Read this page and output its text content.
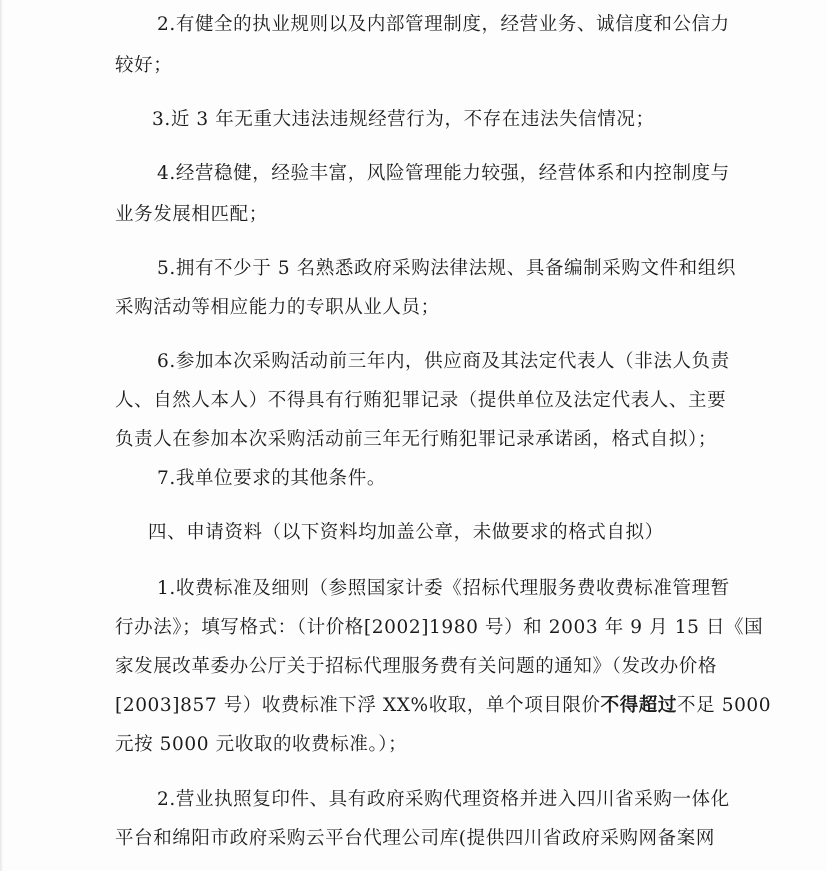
2.有健全的执业规则以及内部管理制度，经营业务、诚信度和公信力
较好；
3.近 3 年无重大违法违规经营行为，不存在违法失信情况；
4.经营稳健，经验丰富，风险管理能力较强，经营体系和内控制度与
业务发展相匹配；
5.拥有不少于 5 名熟悉政府采购法律法规、具备编制采购文件和组织
采购活动等相应能力的专职从业人员；
6.参加本次采购活动前三年内，供应商及其法定代表人（非法人负责
人、自然人本人）不得具有行贿犯罪记录（提供单位及法定代表人、主要
负责人在参加本次采购活动前三年无行贿犯罪记录承诺函，格式自拟）；
7.我单位要求的其他条件。
四、申请资料（以下资料均加盖公章，未做要求的格式自拟）
1.收费标准及细则（参照国家计委《招标代理服务费收费标准管理暂
行办法》；填写格式：（计价格[2002]1980 号）和 2003 年 9 月 15 日《国
家发展改革委办公厅关于招标代理服务费有关问题的通知》（发改办价格
[2003]857 号）收费标准下浮 XX%收取，单个项目限价不得超过不足 5000
元按 5000 元收取的收费标准。）；
2.营业执照复印件、具有政府采购代理资格并进入四川省采购一体化
平台和绵阳市政府采购云平台代理公司库(提供四川省政府采购网备案网
